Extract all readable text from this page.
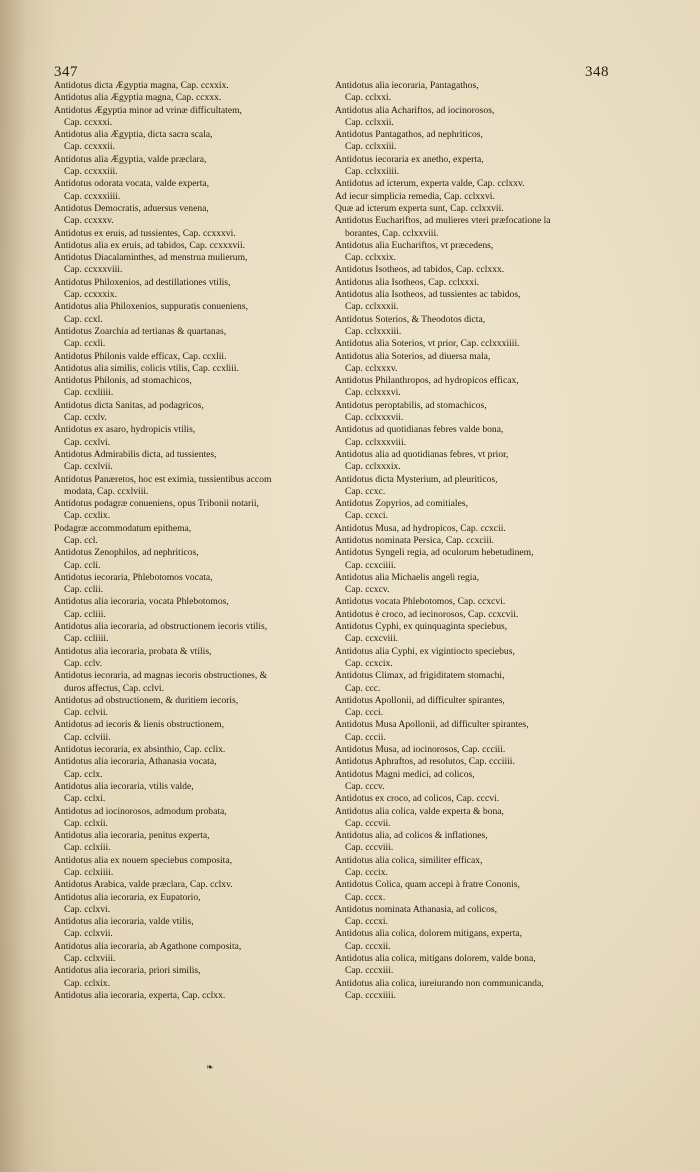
347	348
Antidotus dicta Ægyptia magna, Cap. ccxxix.
Antidotus alia Ægyptia magna, Cap. ccxxx.
Antidotus Ægyptia minor ad vrinæ difficultatem,
Cap. ccxxxi.
Antidotus alia Ægyptia, dicta sacra scala,
Cap. ccxxxii.
Antidotus alia Ægyptia, valde præclara,
Cap. ccxxxiii.
Antidotus odorata vocata, valde experta,
Cap. ccxxxiiii.
Antidotus Democratis, aduersus venena,
Cap. ccxxxv.
Antidotus ex eruis, ad tussientes, Cap. ccxxxvi.
Antidotus alia ex eruis, ad tabidos, Cap. ccxxxvii.
Antidotus Diacalaminthes, ad menstrua mulierum,
Cap. ccxxxviii.
Antidotus Philoxenios, ad destillationes vtilis,
Cap. ccxxxix.
Antidotus alia Philoxenios, suppuratis conueniens,
Cap. ccxl.
Antidotus Zoarchia ad tertianas & quartanas,
Cap. ccxli.
Antidotus Philonis valde efficax, Cap. ccxlii.
Antidotus alia similis, colicis vtilis, Cap. ccxliii.
Antidotus Philonis, ad stomachicos,
Cap. ccxliiii.
Antidotus dicta Sanitas, ad podagricos,
Cap. ccxlv.
Antidotus ex asaro, hydropicis vtilis,
Cap. ccxlvi.
Antidotus Admirabilis dicta, ad tussientes,
Cap. ccxlvii.
Antidotus Panæretos, hoc est eximia, tussientibus accom
modata, Cap. ccxlviii.
Antidotus podagræ conueniens, opus Tribonii notarii,
Cap. ccxlix.
Podagræ accommodatum epithema,
Cap. ccl.
Antidotus Zenophilos, ad nephriticos,
Cap. ccli.
Antidotus iecoraria, Phlebotomos vocata,
Cap. cclii.
Antidotus alia iecoraria, vocata Phlebotomos,
Cap. ccliii.
Antidotus alia iecoraria, ad obstructionem iecoris vtilis,
Cap. ccliiii.
Antidotus alia iecoraria, probata & vtilis,
Cap. cclv.
Antidotus iecoraria, ad magnas iecoris obstructiones, &
duros affectus, Cap. cclvi.
Antidotus ad obstructionem, & duritiem iecoris,
Cap. cclvii.
Antidotus ad iecoris & lienis obstructionem,
Cap. cclviii.
Antidotus iecoraria, ex absinthio, Cap. cclix.
Antidotus alia iecoraria, Athanasia vocata,
Cap. cclx.
Antidotus alia iecoraria, vtilis valde,
Cap. cclxi.
Antidotus ad iocinorosos, admodum probata,
Cap. cclxii.
Antidotus alia iecoraria, penitus experta,
Cap. cclxiii.
Antidotus alia ex nouem speciebus composita,
Cap. cclxiiii.
Antidotus Arabica, valde præclara, Cap. cclxv.
Antidotus alia iecoraria, ex Eupatorio,
Cap. cclxvi.
Antidotus alia iecoraria, valde vtilis,
Cap. cclxvii.
Antidotus alia iecoraria, ab Agathone composita,
Cap. cclxviii.
Antidotus alia iecoraria, priori similis,
Cap. cclxix.
Antidotus alia iecoraria, experta, Cap. cclxx.
Antidotus alia iecoraria, Pantagathos,
Cap. cclxxi.
Antidotus alia Achariftos, ad iocinorosos,
Cap. cclxxii.
Antidotus Pantagathos, ad nephriticos,
Cap. cclxxiii.
Antidotus iecoraria ex anetho, experta,
Cap. cclxxiiii.
Antidotus ad icterum, experta valde, Cap. cclxxv.
Ad iecur simplicia remedia, Cap. cclxxvi.
Quæ ad icterum experta sunt, Cap. cclxxvii.
Antidotus Euchariftos, ad mulieres vteri præfocatione la
borantes, Cap. cclxxviii.
Antidotus alia Euchariftos, vt præcedens,
Cap. cclxxix.
Antidotus Isotheos, ad tabidos, Cap. cclxxx.
Antidotus alia Isotheos, Cap. cclxxxi.
Antidotus alia Isotheos, ad tussientes ac tabidos,
Cap. cclxxxii.
Antidotus Soterios, & Theodotos dicta,
Cap. cclxxxiii.
Antidotus alia Soterios, vt prior, Cap. cclxxxiiii.
Antidotus alia Soterios, ad diuersa mala,
Cap. cclxxxv.
Antidotus Philanthropos, ad hydropicos efficax,
Cap. cclxxxvi.
Antidotus peroptabilis, ad stomachicos,
Cap. cclxxxvii.
Antidotus ad quotidianas febres valde bona,
Cap. cclxxxviii.
Antidotus alia ad quotidianas febres, vt prior,
Cap. cclxxxix.
Antidotus dicta Mysterium, ad pleuriticos,
Cap. ccxc.
Antidotus Zopyrios, ad comitiales,
Cap. ccxci.
Antidotus Musa, ad hydropicos, Cap. ccxcii.
Antidotus nominata Persica, Cap. ccxciii.
Antidotus Syngeli regia, ad oculorum hebetudinem,
Cap. ccxciiii.
Antidotus alia Michaelis angeli regia,
Cap. ccxcv.
Antidotus vocata Phlebotomos, Cap. ccxcvi.
Antidotus è croco, ad iecinorosos, Cap. ccxcvii.
Antidotus Cyphi, ex quinquaginta speciebus,
Cap. ccxcviii.
Antidotus alia Cyphi, ex vigintiocto speciebus,
Cap. ccxcix.
Antidotus Climax, ad frigiditatem stomachi,
Cap. ccc.
Antidotus Apollonii, ad difficulter spirantes,
Cap. ccci.
Antidotus Musa Apollonii, ad difficulter spirantes,
Cap. cccii.
Antidotus Musa, ad iocinorosos, Cap. ccciii.
Antidotus Aphraftos, ad resolutos, Cap. ccciiii.
Antidotus Magni medici, ad colicos,
Cap. cccv.
Antidotus ex croco, ad colicos, Cap. cccvi.
Antidotus alia colica, valde experta & bona,
Cap. cccvii.
Antidotus alia, ad colicos & inflationes,
Cap. cccviii.
Antidotus alia colica, similiter efficax,
Cap. cccix.
Antidotus Colica, quam accepi à fratre Cononis,
Cap. cccx.
Antidotus nominata Athanasia, ad colicos,
Cap. cccxi.
Antidotus alia colica, dolorem mitigans, experta,
Cap. cccxii.
Antidotus alia colica, mitigans dolorem, valde bona,
Cap. cccxiii.
Antidotus alia colica, iureiurando non communicanda,
Cap. cccxiiii.
❧
